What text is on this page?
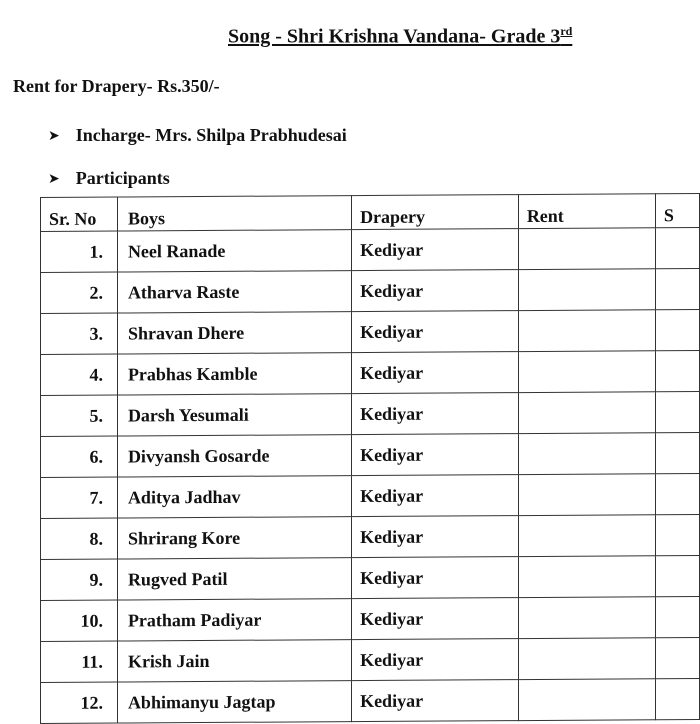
Song - Shri Krishna Vandana- Grade 3rd
Rent for Drapery- Rs.350/-
➤ Incharge- Mrs. Shilpa Prabhudesai
➤ Participants
Sr. No	Boys	Drapery	Rent	S
1.	Neel Ranade	Kediyar		
2.	Atharva Raste	Kediyar		
3.	Shravan Dhere	Kediyar		
4.	Prabhas Kamble	Kediyar		
5.	Darsh Yesumali	Kediyar		
6.	Divyansh Gosarde	Kediyar		
7.	Aditya Jadhav	Kediyar		
8.	Shrirang Kore	Kediyar		
9.	Rugved Patil	Kediyar		
10.	Pratham Padiyar	Kediyar		
11.	Krish Jain	Kediyar		
12.	Abhimanyu Jagtap	Kediyar		
